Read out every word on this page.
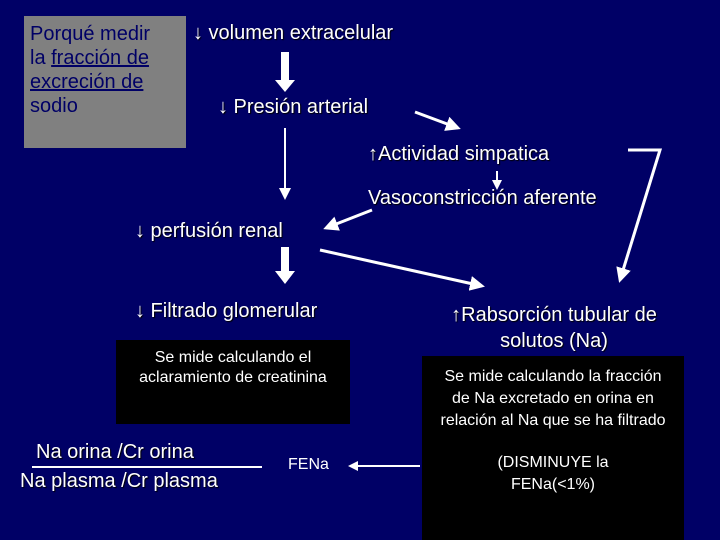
Porqué medir
la fracción de
excreción de
sodio
↓ volumen extracelular
↓ Presión arterial
↑Actividad simpatica
Vasoconstricción aferente
↓ perfusión renal
↓ Filtrado glomerular	↑Rabsorción tubular de
solutos (Na)
Se mide calculando el aclaramiento de creatinina	Se mide calculando la fracción de Na excretado en orina en relación al Na que se ha filtrado
(DISMINUYE la FENa(<1%)
Na orina /Cr orina
Na plasma /Cr plasma
FENa
